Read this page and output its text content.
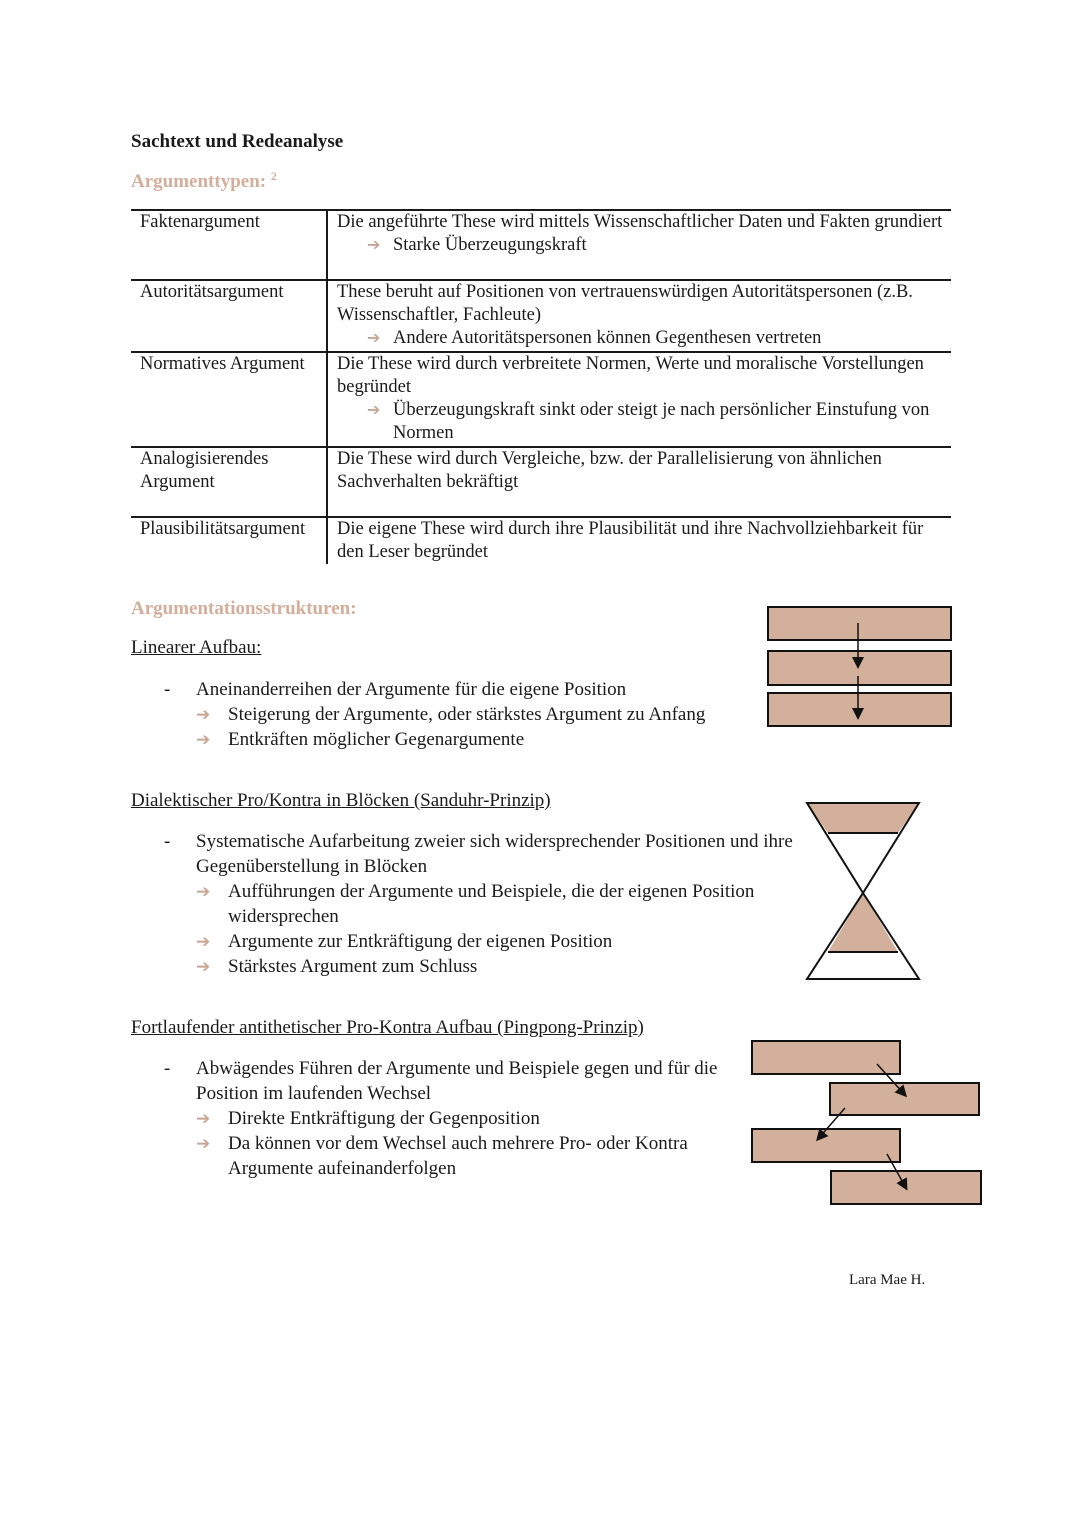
Sachtext und Redeanalyse
Argumenttypen: $^2$
Faktenargument	Die angeführte These wird mittels Wissenschaftlicher Daten und Fakten grundiert
➔ Starke Überzeugungskraft

Autoritätsargument	These beruht auf Positionen von vertrauenswürdigen Autoritätspersonen (z.B. Wissenschaftler, Fachleute)
➔ Andere Autoritätspersonen können Gegenthesen vertreten

Normatives Argument	Die These wird durch verbreitete Normen, Werte und moralische Vorstellungen begründet
➔ Überzeugungskraft sinkt oder steigt je nach persönlicher Einstufung von Normen

Analogisierendes Argument	Die These wird durch Vergleiche, bzw. der Parallelisierung von ähnlichen Sachverhalten bekräftigt

Plausibilitätsargument	Die eigene These wird durch ihre Plausibilität und ihre Nachvollziehbarkeit für den Leser begründet
Argumentationsstrukturen:
Linearer Aufbau:
- Aneinanderreihen der Argumente für die eigene Position
➔ Steigerung der Argumente, oder stärkstes Argument zu Anfang
➔ Entkräften möglicher Gegenargumente
Dialektischer Pro/Kontra in Blöcken (Sanduhr-Prinzip)
- Systematische Aufarbeitung zweier sich widersprechender Positionen und ihre Gegenüberstellung in Blöcken
➔ Aufführungen der Argumente und Beispiele, die der eigenen Position widersprechen
➔ Argumente zur Entkräftigung der eigenen Position
➔ Stärkstes Argument zum Schluss
Fortlaufender antithetischer Pro-Kontra Aufbau (Pingpong-Prinzip)
- Abwägendes Führen der Argumente und Beispiele gegen und für die Position im laufenden Wechsel
➔ Direkte Entkräftigung der Gegenposition
➔ Da können vor dem Wechsel auch mehrere Pro- oder Kontra Argumente aufeinanderfolgen
Lara Mae H.
